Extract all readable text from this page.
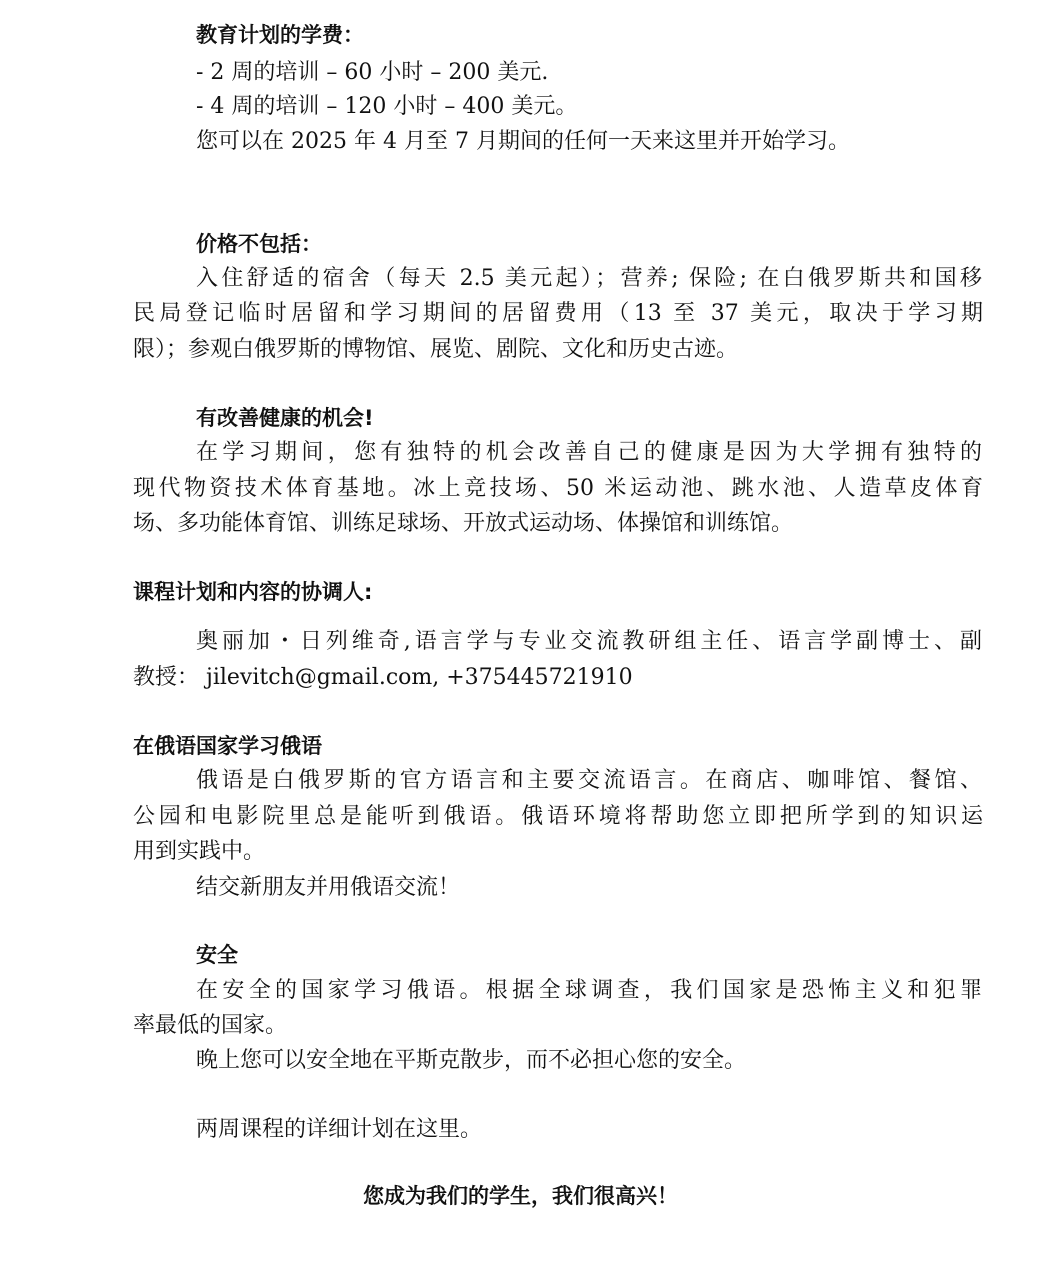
教育计划的学费：
- 2 周的培训 – 60 小时 – 200 美元.
- 4 周的培训 – 120 小时 – 400 美元。
您可以在 2025 年 4 月至 7 月期间的任何一天来这里并开始学习。
价格不包括：
入住舒适的宿舍（每天 2.5 美元起）；营养; 保险; 在白俄罗斯共和国移
民局登记临时居留和学习期间的居留费用（13 至 37 美元，取决于学习期
限）；参观白俄罗斯的博物馆、展览、剧院、文化和历史古迹。
有改善健康的机会!
在学习期间，您有独特的机会改善自己的健康是因为大学拥有独特的
现代物资技术体育基地。冰上竞技场、50 米运动池、跳水池、人造草皮体育
场、多功能体育馆、训练足球场、开放式运动场、体操馆和训练馆。
课程计划和内容的协调人:
奥丽加・日列维奇,语言学与专业交流教研组主任、语言学副博士、副
教授： jilevitch@gmail.com, +375445721910
在俄语国家学习俄语
俄语是白俄罗斯的官方语言和主要交流语言。在商店、咖啡馆、餐馆、
公园和电影院里总是能听到俄语。俄语环境将帮助您立即把所学到的知识运
用到实践中。
结交新朋友并用俄语交流！
安全
在安全的国家学习俄语。根据全球调查，我们国家是恐怖主义和犯罪
率最低的国家。
晚上您可以安全地在平斯克散步，而不必担心您的安全。
两周课程的详细计划在这里。
您成为我们的学生，我们很高兴！
